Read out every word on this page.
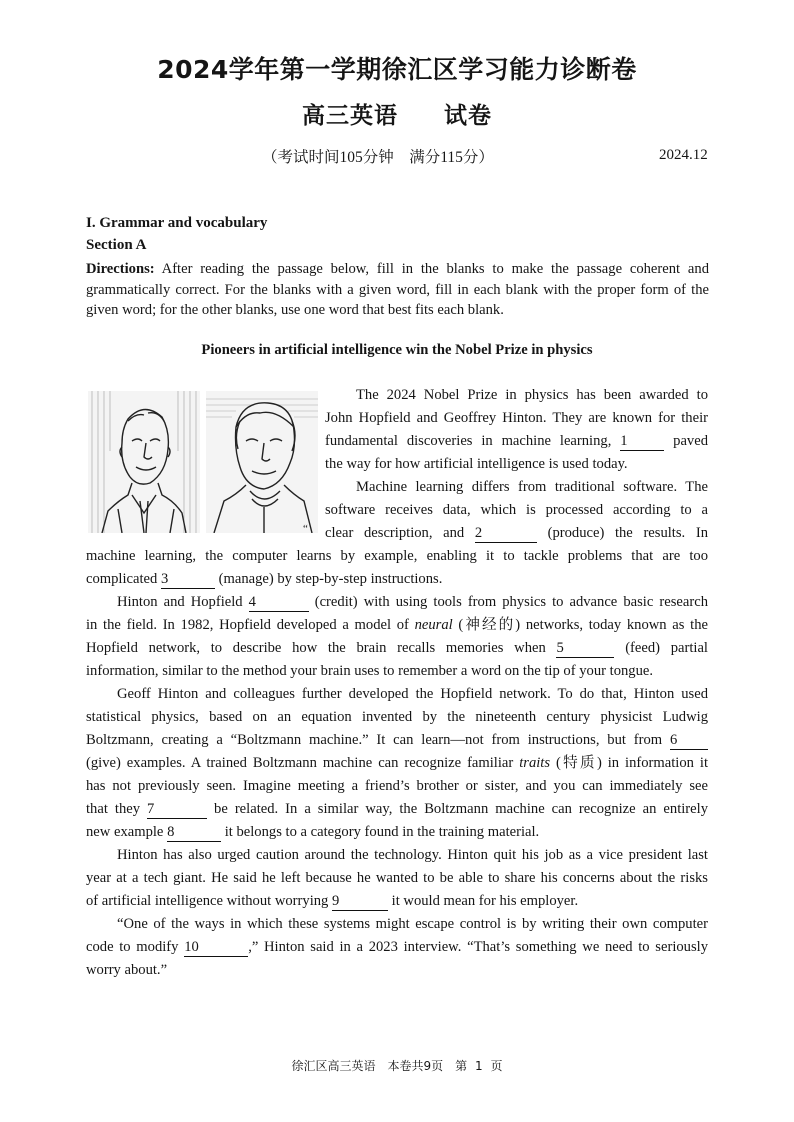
2024学年第一学期徐汇区学习能力诊断卷
高三英语 试卷
（考试时间105分钟　满分115分）	2024.12
I. Grammar and vocabulary
Section A
Directions: After reading the passage below, fill in the blanks to make the passage coherent and grammatically correct. For the blanks with a given word, fill in each blank with the proper form of the given word; for the other blanks, use one word that best fits each blank.
Pioneers in artificial intelligence win the Nobel Prize in physics
“
The 2024 Nobel Prize in physics has been awarded to
John Hopfield and Geoffrey Hinton. They are known for their
fundamental discoveries in machine learning, 1	paved
the way for how artificial intelligence is used today.
Machine learning differs from traditional software. The
software receives data, which is processed according to a
clear description, and 2	(produce) the results. In
machine learning, the computer learns by example, enabling it to tackle problems that are too
complicated 3	(manage) by step-by-step instructions.
Hinton and Hopfield 4	(credit) with using tools from physics to advance basic research
in the field. In 1982, Hopfield developed a model of neural (神经的) networks, today known as the
Hopfield network, to describe how the brain recalls memories when 5	(feed) partial
information, similar to the method your brain uses to remember a word on the tip of your tongue.
Geoff Hinton and colleagues further developed the Hopfield network. To do that, Hinton used
statistical physics, based on an equation invented by the nineteenth century physicist Ludwig
Boltzmann, creating a “Boltzmann machine.” It can learn—not from instructions, but from 6
(give) examples. A trained Boltzmann machine can recognize familiar traits (特质) in information it
has not previously seen. Imagine meeting a friend’s brother or sister, and you can immediately see
that they 7	be related. In a similar way, the Boltzmann machine can recognize an entirely
new example 8	it belongs to a category found in the training material.
Hinton has also urged caution around the technology. Hinton quit his job as a vice president last
year at a tech giant. He said he left because he wanted to be able to share his concerns about the risks
of artificial intelligence without worrying 9	it would mean for his employer.
“One of the ways in which these systems might escape control is by writing their own computer
code to modify 10	,” Hinton said in a 2023 interview. “That’s something we need to seriously
worry about.”
徐汇区高三英语　本卷共9页　第 1 页
